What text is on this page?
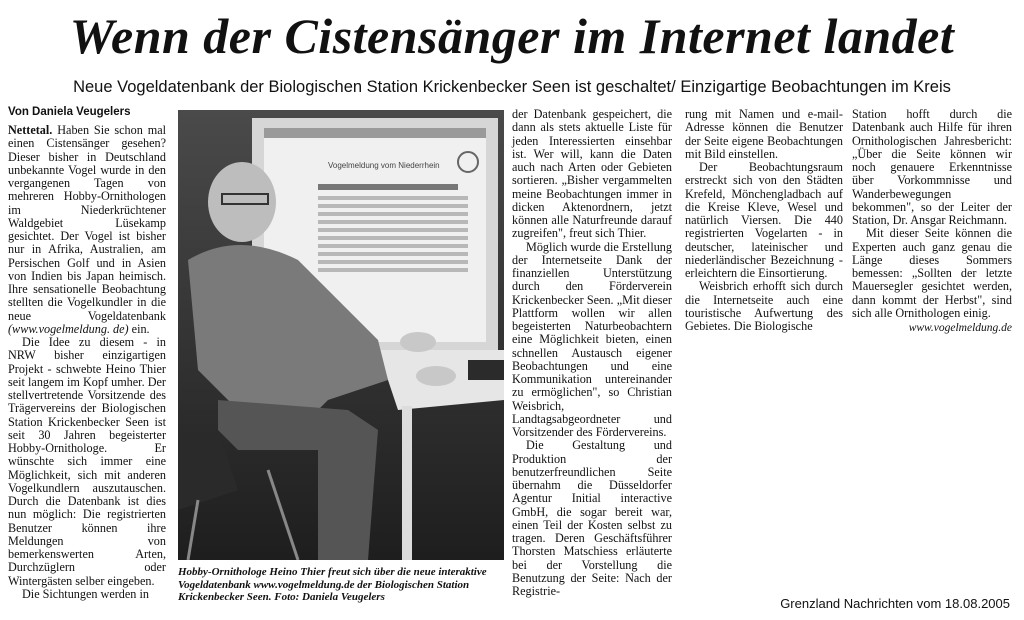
Wenn der Cistensänger im Internet landet
Neue Vogeldatenbank der Biologischen Station Krickenbecker Seen ist geschaltet/ Einzigartige Beobachtungen im Kreis
Von Daniela Veugelers

Nettetal. Haben Sie schon mal einen Cistensänger gesehen? Dieser bisher in Deutschland unbekannte Vogel wurde in den vergangenen Tagen von mehreren Hobby-Ornithologen im Niederkrüchtener Waldgebiet Lüsekamp gesichtet. Der Vogel ist bisher nur in Afrika, Australien, am Persischen Golf und in Asien von Indien bis Japan heimisch. Ihre sensationelle Beobachtung stellten die Vogelkundler in die neue Vogeldatenbank (www.vogelmeldung. de) ein.

Die Idee zu diesem - in NRW bisher einzigartigen Projekt - schwebte Heino Thier seit langem im Kopf umher. Der stellvertretende Vorsitzende des Trägervereins der Biologischen Station Krickenbecker Seen ist seit 30 Jahren begeisterter Hobby-Ornithologe. Er wünschte sich immer eine Möglichkeit, sich mit anderen Vogelkundlern auszutauschen. Durch die Datenbank ist dies nun möglich: Die registrierten Benutzer können ihre Meldungen von bemerkenswerten Arten, Durchzüglern oder Wintergästen selber eingeben.

Die Sichtungen werden in

Vogelmeldung vom Niederrhein
Hobby-Ornithologe Heino Thier freut sich über die neue interaktive Vogeldatenbank www.vogelmeldung.de der Biologischen Station Krickenbecker Seen. Foto: Daniela Veugelers

der Datenbank gespeichert, die dann als stets aktuelle Liste für jeden Interessierten einsehbar ist. Wer will, kann die Daten auch nach Arten oder Gebieten sortieren. „Bisher vergammelten meine Beobachtungen immer in dicken Aktenordnern, jetzt können alle Naturfreunde darauf zugreifen", freut sich Thier.

Möglich wurde die Erstellung der Internetseite Dank der finanziellen Unterstützung durch den Förderverein Krickenbecker Seen. „Mit dieser Plattform wollen wir allen begeisterten Naturbeobachtern eine Möglichkeit bieten, einen schnellen Austausch eigener Beobachtungen und eine Kommunikation untereinander zu ermöglichen", so Christian Weisbrich, Landtagsabgeordneter und Vorsitzender des Fördervereins.

Die Gestaltung und Produktion der benutzerfreundlichen Seite übernahm die Düsseldorfer Agentur Initial interactive GmbH, die sogar bereit war, einen Teil der Kosten selbst zu tragen. Deren Geschäftsführer Thorsten Matschiess erläuterte bei der Vorstellung die Benutzung der Seite: Nach der Registrie-

rung mit Namen und e-mail-Adresse können die Benutzer der Seite eigene Beobachtungen mit Bild einstellen.

Der Beobachtungsraum erstreckt sich von den Städten Krefeld, Mönchengladbach auf die Kreise Kleve, Wesel und natürlich Viersen. Die 440 registrierten Vogelarten - in deutscher, lateinischer und niederländischer Bezeichnung - erleichtern die Einsortierung.

Weisbrich erhofft sich durch die Internetseite auch eine touristische Aufwertung des Gebietes. Die Biologische

Station hofft durch die Datenbank auch Hilfe für ihren Ornithologischen Jahresbericht: „Über die Seite können wir noch genauere Erkenntnisse über Vorkommnisse und Wanderbewegungen bekommen", so der Leiter der Station, Dr. Ansgar Reichmann.

Mit dieser Seite können die Experten auch ganz genau die Länge dieses Sommers bemessen: „Sollten der letzte Mauersegler gesichtet werden, dann kommt der Herbst", sind sich alle Ornithologen einig.

www.vogelmeldung.de
Grenzland Nachrichten vom 18.08.2005
